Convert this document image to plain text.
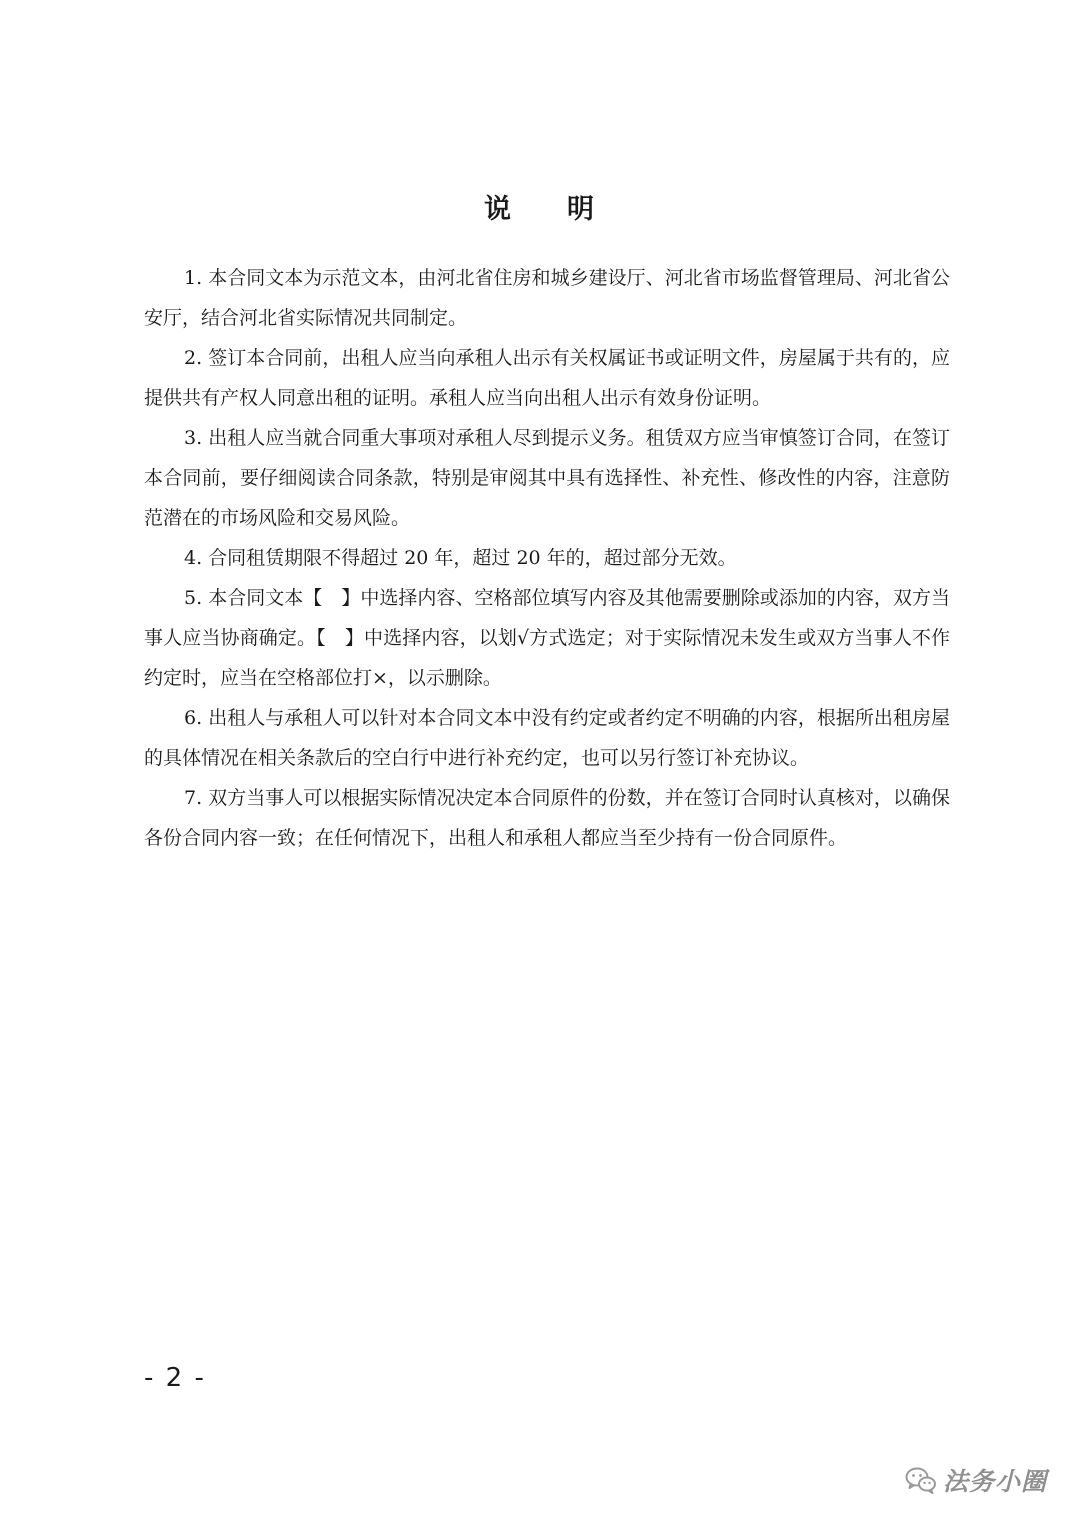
说 明

1. 本合同文本为示范文本，由河北省住房和城乡建设厅、河北省市场监督管理局、河北省公安厅，结合河北省实际情况共同制定。

2. 签订本合同前，出租人应当向承租人出示有关权属证书或证明文件，房屋属于共有的，应提供共有产权人同意出租的证明。承租人应当向出租人出示有效身份证明。

3. 出租人应当就合同重大事项对承租人尽到提示义务。租赁双方应当审慎签订合同，在签订本合同前，要仔细阅读合同条款，特别是审阅其中具有选择性、补充性、修改性的内容，注意防范潜在的市场风险和交易风险。

4. 合同租赁期限不得超过 20 年，超过 20 年的，超过部分无效。

5. 本合同文本【　】中选择内容、空格部位填写内容及其他需要删除或添加的内容，双方当事人应当协商确定。【　】中选择内容，以划√方式选定；对于实际情况未发生或双方当事人不作约定时，应当在空格部位打×，以示删除。

6. 出租人与承租人可以针对本合同文本中没有约定或者约定不明确的内容，根据所出租房屋的具体情况在相关条款后的空白行中进行补充约定，也可以另行签订补充协议。

7. 双方当事人可以根据实际情况决定本合同原件的份数，并在签订合同时认真核对，以确保各份合同内容一致；在任何情况下，出租人和承租人都应当至少持有一份合同原件。

- 2 -
法务小圈
